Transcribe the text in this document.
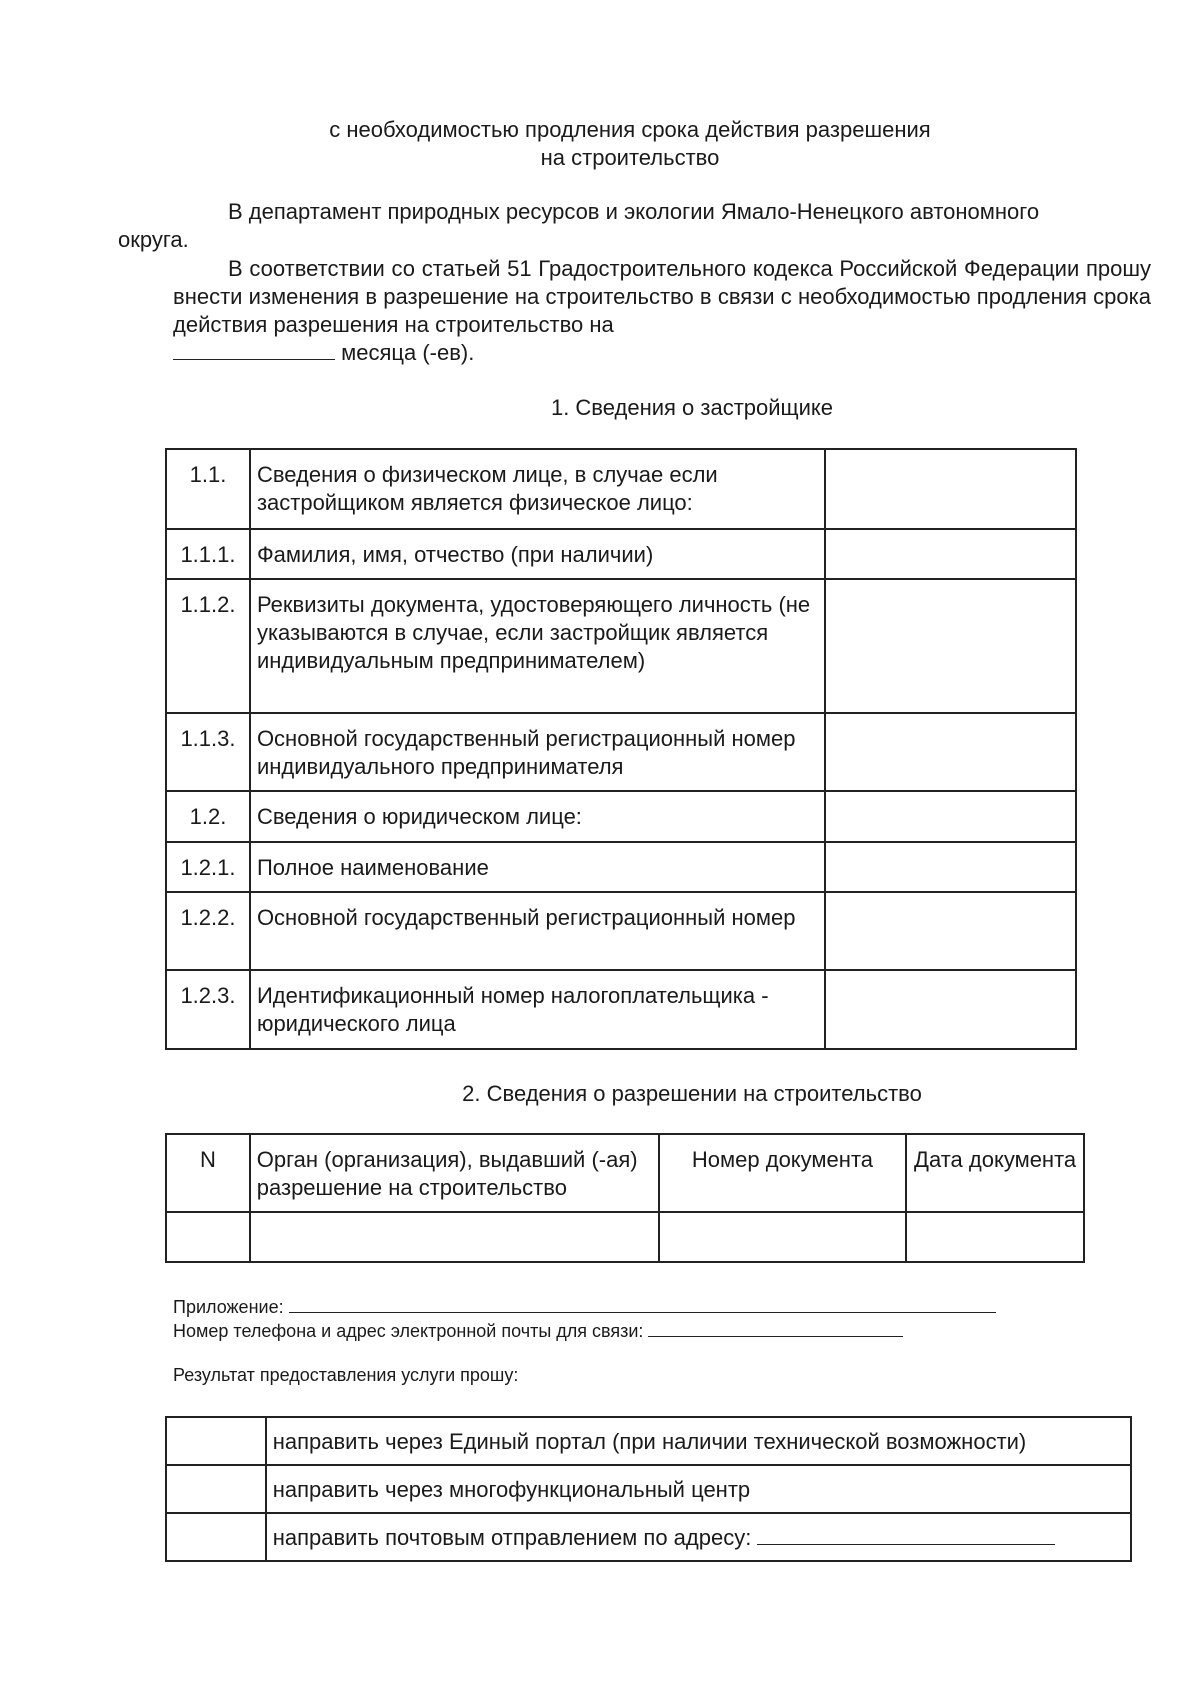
с необходимостью продления срока действия разрешения
на строительство
В департамент природных ресурсов и экологии Ямало-Ненецкого автономного
округа.
В соответствии со статьей 51 Градостроительного кодекса Российской Федерации прошу внести изменения в разрешение на строительство в связи с необходимостью продления срока действия разрешения на строительство на
месяца (-ев).
1. Сведения о застройщике
1.1.	Сведения о физическом лице, в случае если застройщиком является физическое лицо:	
1.1.1.	Фамилия, имя, отчество (при наличии)	
1.1.2.	Реквизиты документа, удостоверяющего личность (не указываются в случае, если застройщик является индивидуальным предпринимателем)	
1.1.3.	Основной государственный регистрационный номер индивидуального предпринимателя	
1.2.	Сведения о юридическом лице:	
1.2.1.	Полное наименование	
1.2.2.	Основной государственный регистрационный номер	
1.2.3.	Идентификационный номер налогоплательщика - юридического лица	
2. Сведения о разрешении на строительство
N	Орган (организация), выдавший (-ая) разрешение на строительство	Номер документа	Дата документа

Приложение:
Номер телефона и адрес электронной почты для связи:
Результат предоставления услуги прошу:
	направить через Единый портал (при наличии технической возможности)
	направить через многофункциональный центр
	направить почтовым отправлением по адресу:
